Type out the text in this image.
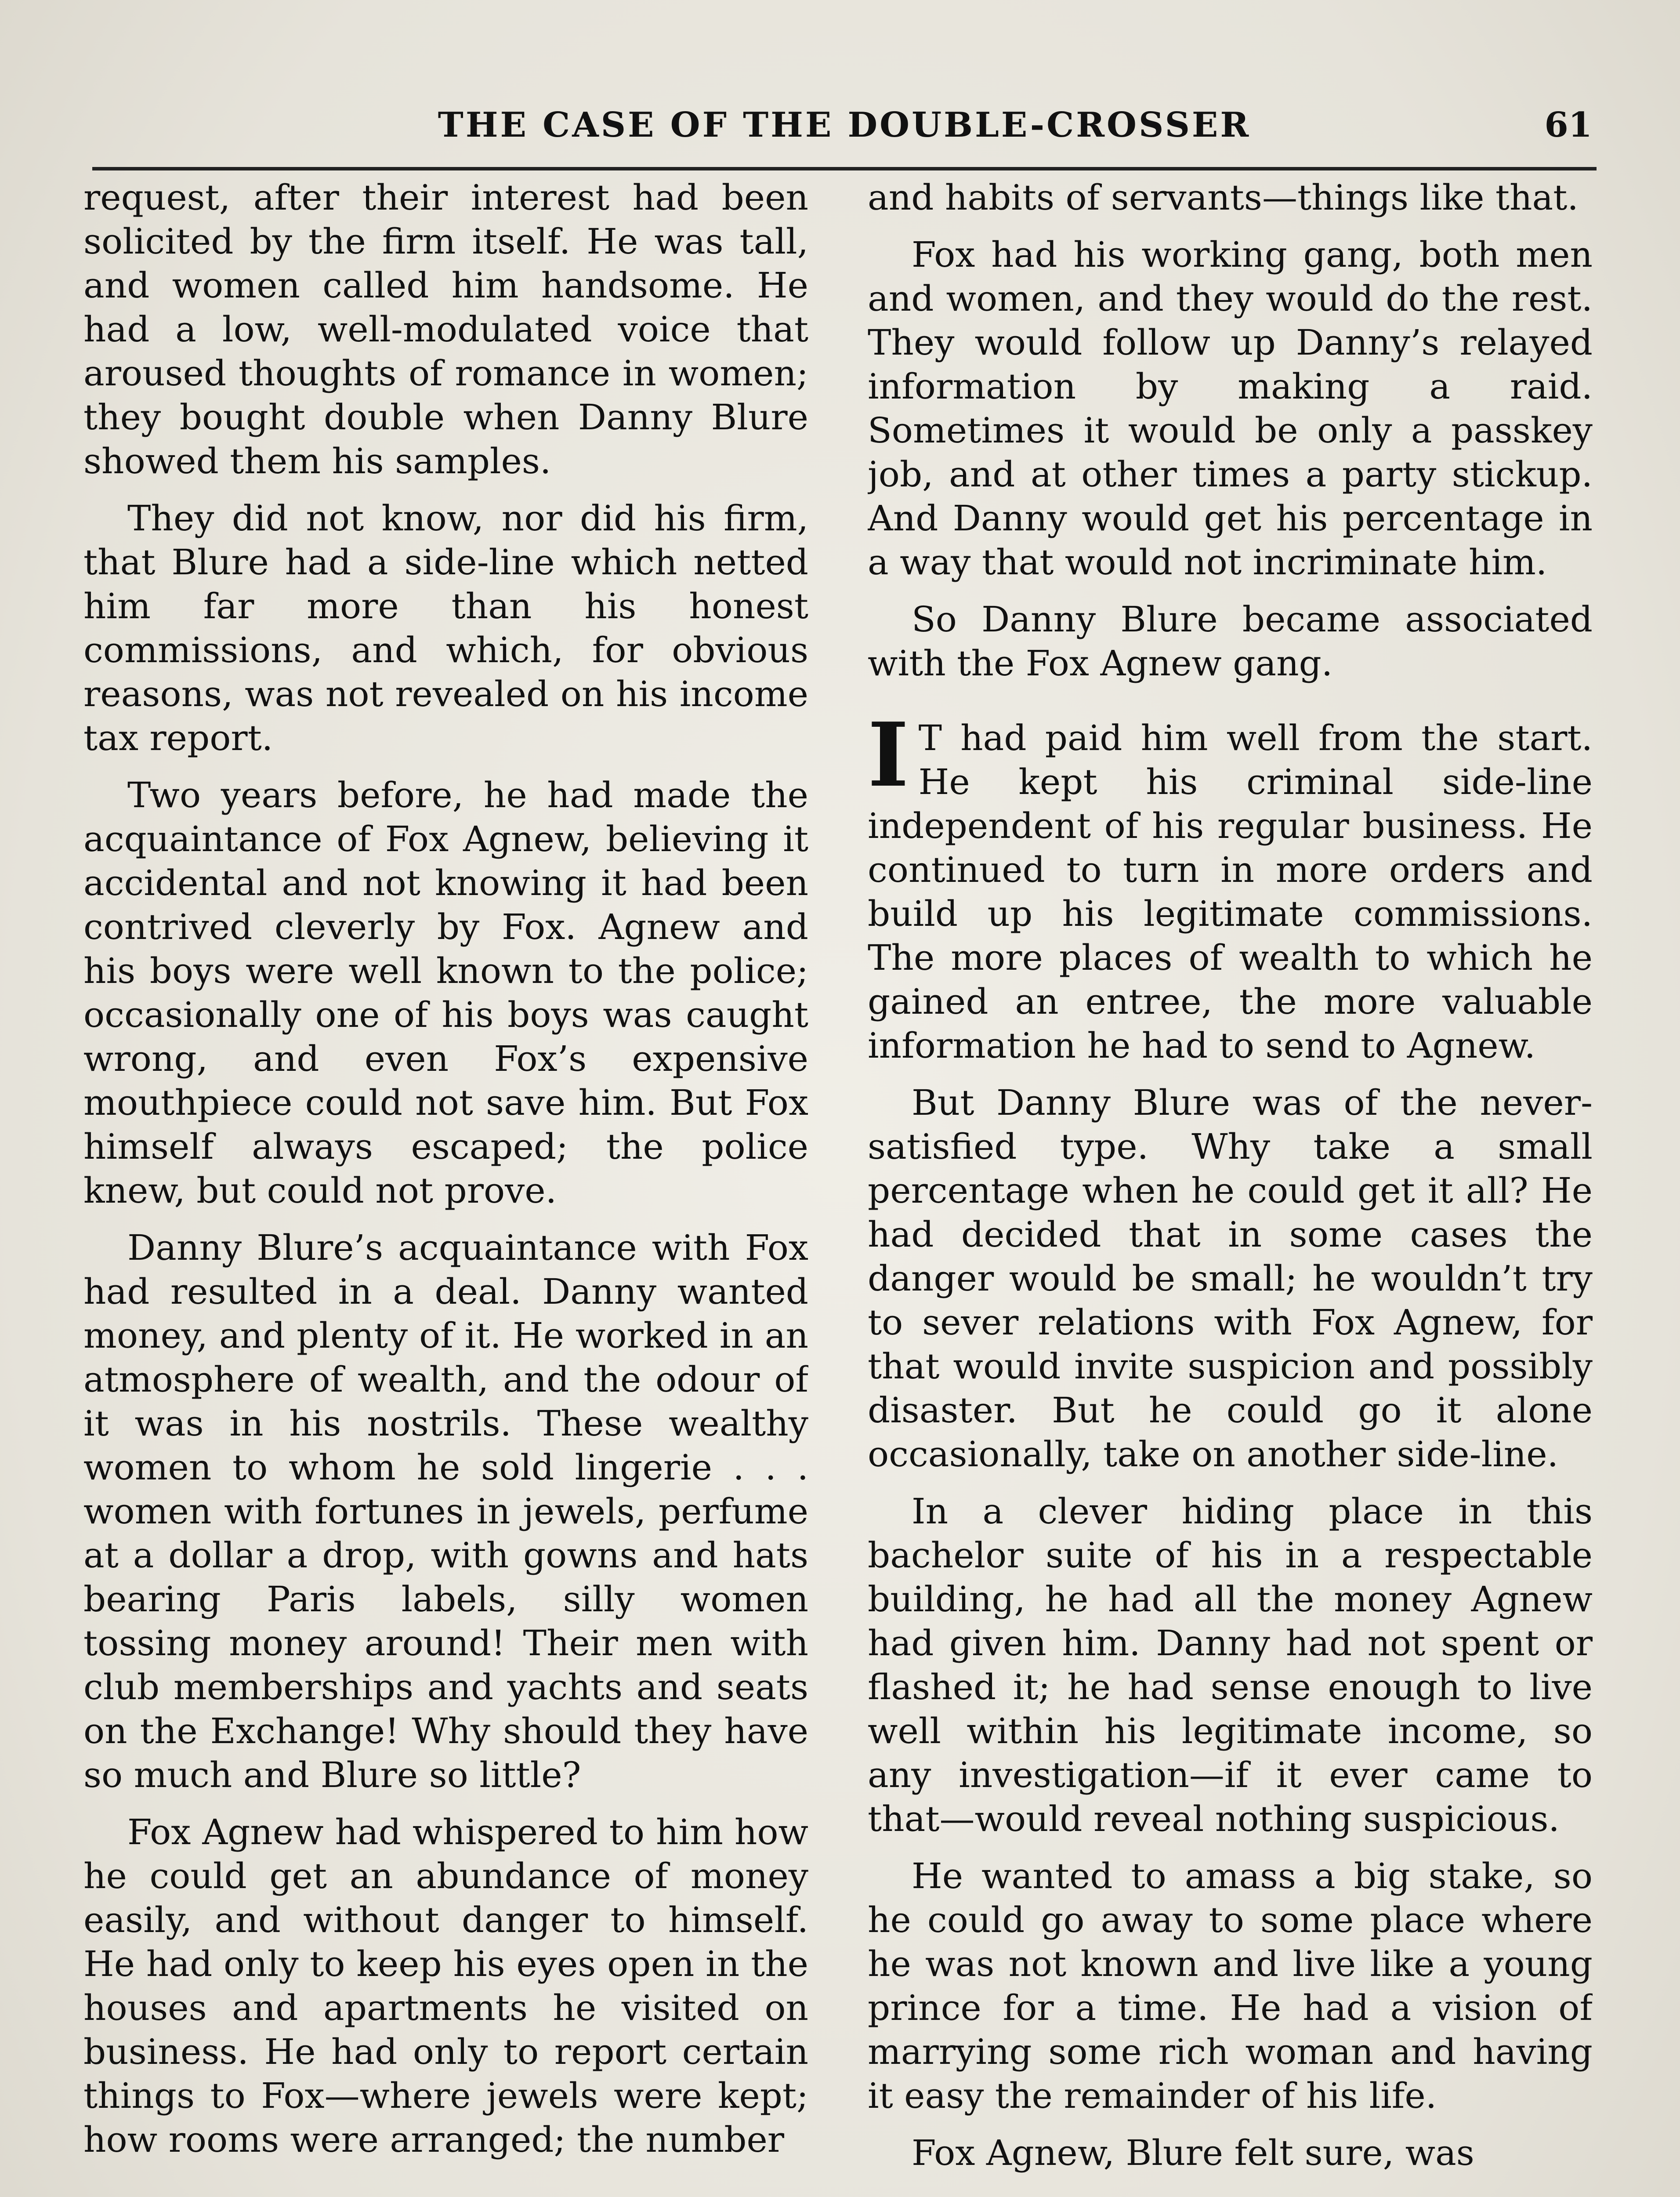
THE CASE OF THE DOUBLE-CROSSER	61

request, after their interest had been solicited by the firm itself. He was tall, and women called him handsome. He had a low, well-modulated voice that aroused thoughts of romance in women; they bought double when Danny Blure showed them his samples.

They did not know, nor did his firm, that Blure had a side-line which netted him far more than his honest commissions, and which, for obvious reasons, was not revealed on his income tax report.

Two years before, he had made the acquaintance of Fox Agnew, believing it accidental and not knowing it had been contrived cleverly by Fox. Agnew and his boys were well known to the police; occasionally one of his boys was caught wrong, and even Fox’s expensive mouthpiece could not save him. But Fox himself always escaped; the police knew, but could not prove.

Danny Blure’s acquaintance with Fox had resulted in a deal. Danny wanted money, and plenty of it. He worked in an atmosphere of wealth, and the odour of it was in his nostrils. These wealthy women to whom he sold lingerie . . . women with fortunes in jewels, perfume at a dollar a drop, with gowns and hats bearing Paris labels, silly women tossing money around! Their men with club memberships and yachts and seats on the Exchange! Why should they have so much and Blure so little?

Fox Agnew had whispered to him how he could get an abundance of money easily, and without danger to himself. He had only to keep his eyes open in the houses and apartments he visited on business. He had only to report certain things to Fox—where jewels were kept; how rooms were arranged; the number

and habits of servants—things like that.

Fox had his working gang, both men and women, and they would do the rest. They would follow up Danny’s relayed information by making a raid. Sometimes it would be only a passkey job, and at other times a party stickup. And Danny would get his percentage in a way that would not incriminate him.

So Danny Blure became associated with the Fox Agnew gang.

I T had paid him well from the start. He kept his criminal side-line independent of his regular business. He continued to turn in more orders and build up his legitimate commissions. The more places of wealth to which he gained an entree, the more valuable information he had to send to Agnew.

But Danny Blure was of the never-satisfied type. Why take a small percentage when he could get it all? He had decided that in some cases the danger would be small; he wouldn’t try to sever relations with Fox Agnew, for that would invite suspicion and possibly disaster. But he could go it alone occasionally, take on another side-line.

In a clever hiding place in this bachelor suite of his in a respectable building, he had all the money Agnew had given him. Danny had not spent or flashed it; he had sense enough to live well within his legitimate income, so any investigation—if it ever came to that—would reveal nothing suspicious.

He wanted to amass a big stake, so he could go away to some place where he was not known and live like a young prince for a time. He had a vision of marrying some rich woman and having it easy the remainder of his life.

Fox Agnew, Blure felt sure, was
